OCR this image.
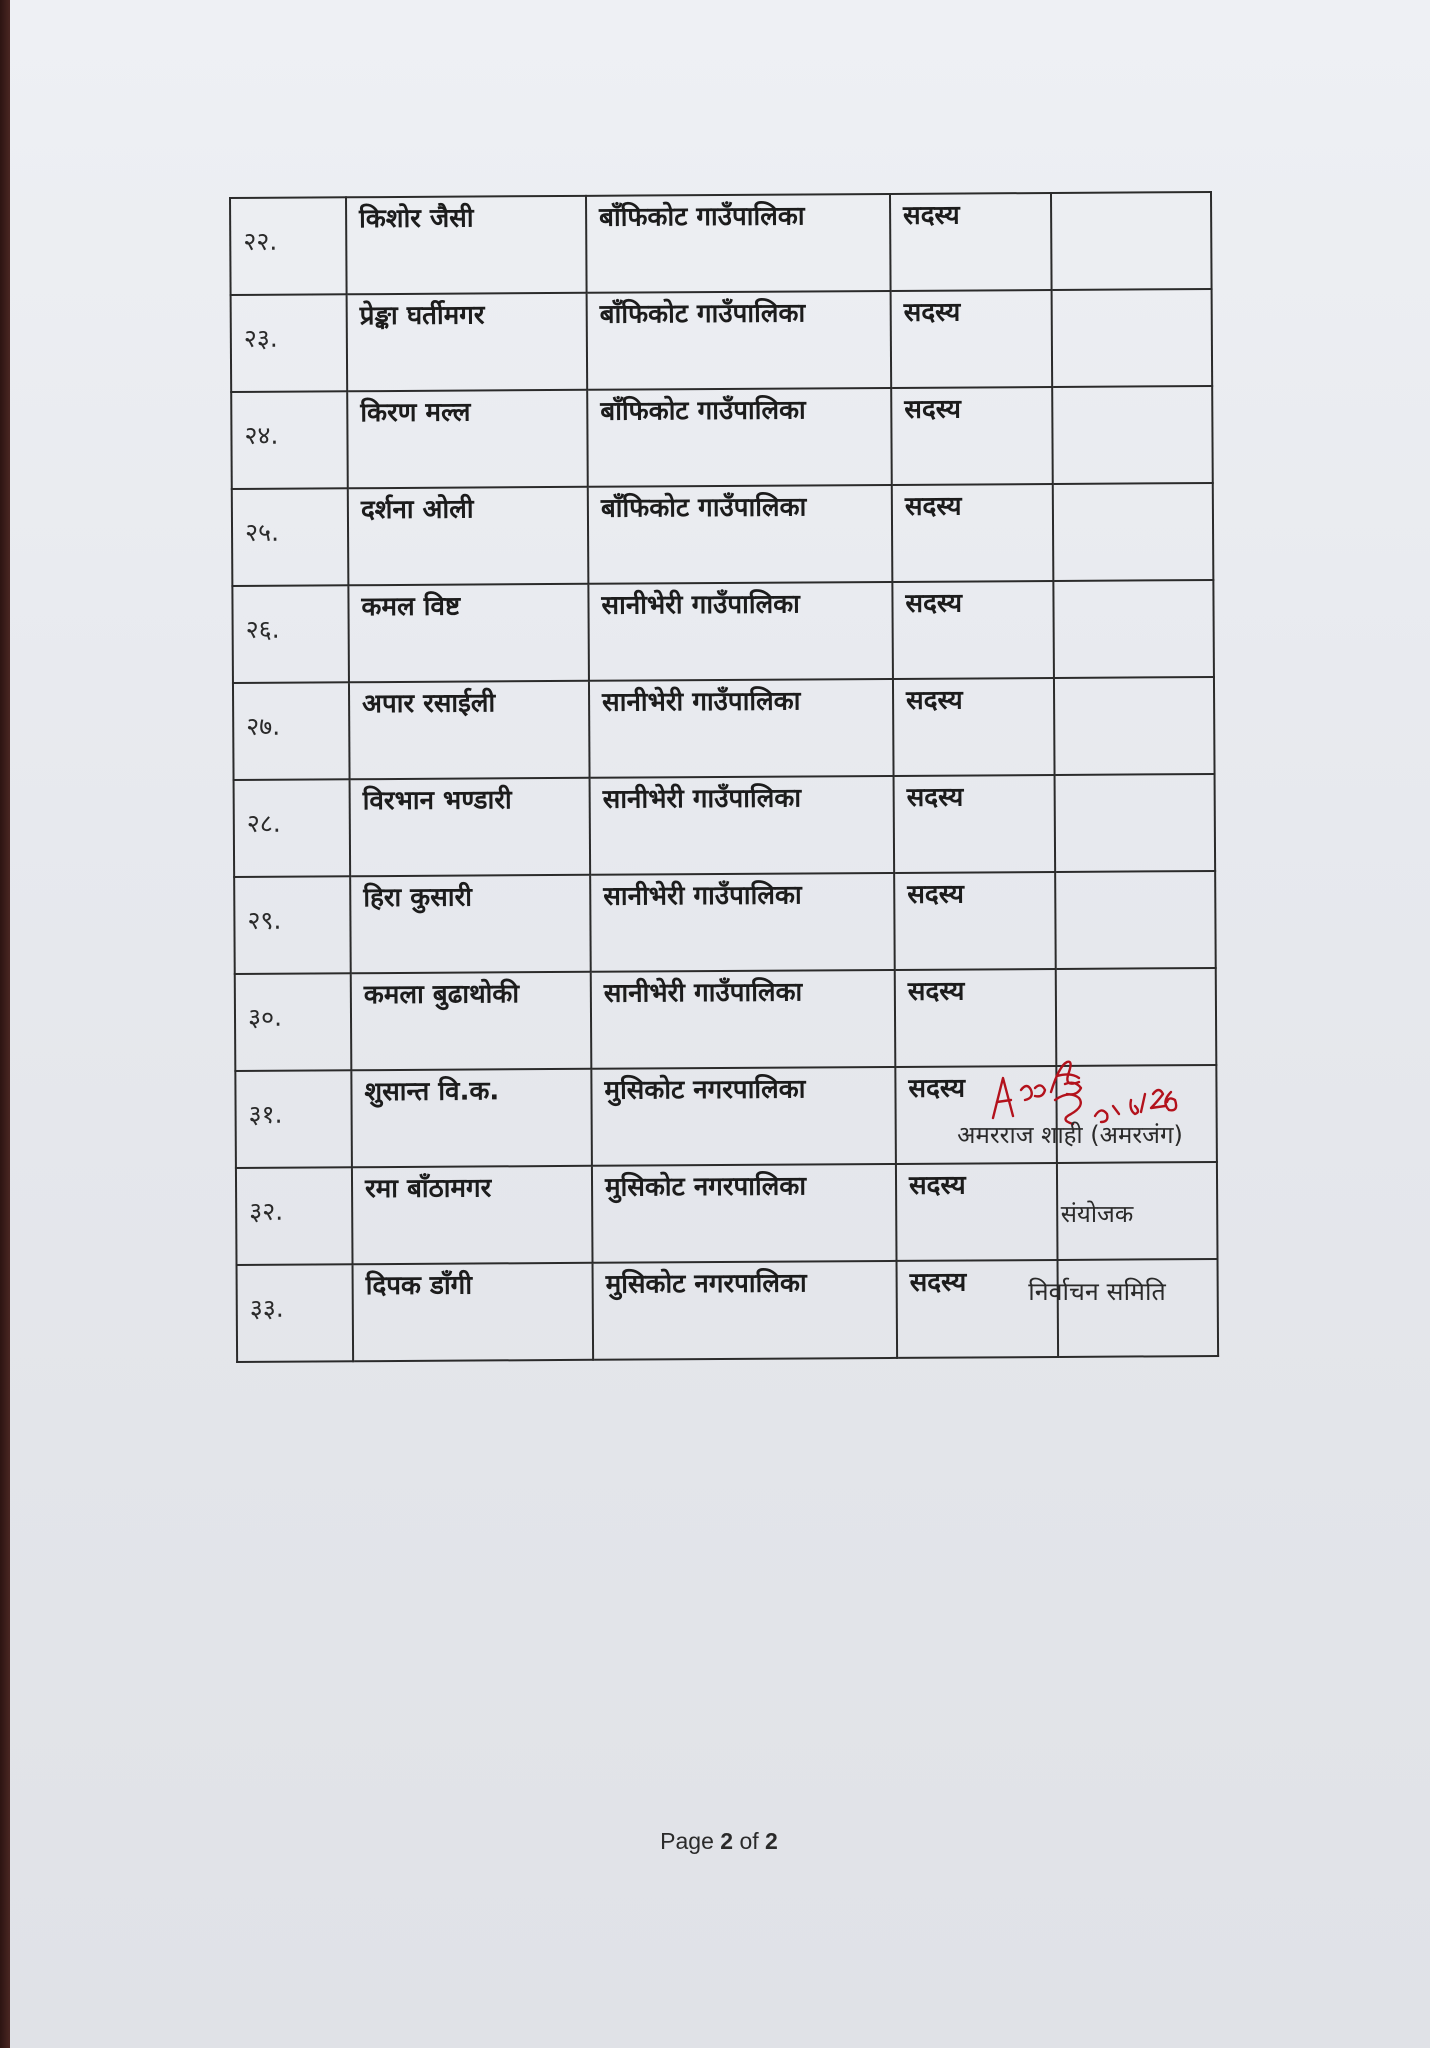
२२.	किशोर जैसी	बाँफिकोट गाउँपालिका	सदस्य	
२३.	प्रेङ्का घर्तीमगर	बाँफिकोट गाउँपालिका	सदस्य	
२४.	किरण मल्ल	बाँफिकोट गाउँपालिका	सदस्य	
२५.	दर्शना ओली	बाँफिकोट गाउँपालिका	सदस्य	
२६.	कमल विष्ट	सानीभेरी गाउँपालिका	सदस्य	
२७.	अपार रसाईली	सानीभेरी गाउँपालिका	सदस्य	
२८.	विरभान भण्डारी	सानीभेरी गाउँपालिका	सदस्य	
२९.	हिरा कुसारी	सानीभेरी गाउँपालिका	सदस्य	
३०.	कमला बुढाथोकी	सानीभेरी गाउँपालिका	सदस्य	
३१.	शुसान्त वि.क.	मुसिकोट नगरपालिका	सदस्य	
३२.	रमा बाँठामगर	मुसिकोट नगरपालिका	सदस्य	
३३.	दिपक डाँगी	मुसिकोट नगरपालिका	सदस्य	

अमरराज शाही (अमरजंग)

संयोजक

निर्वाचन समिति

Page 2 of 2
